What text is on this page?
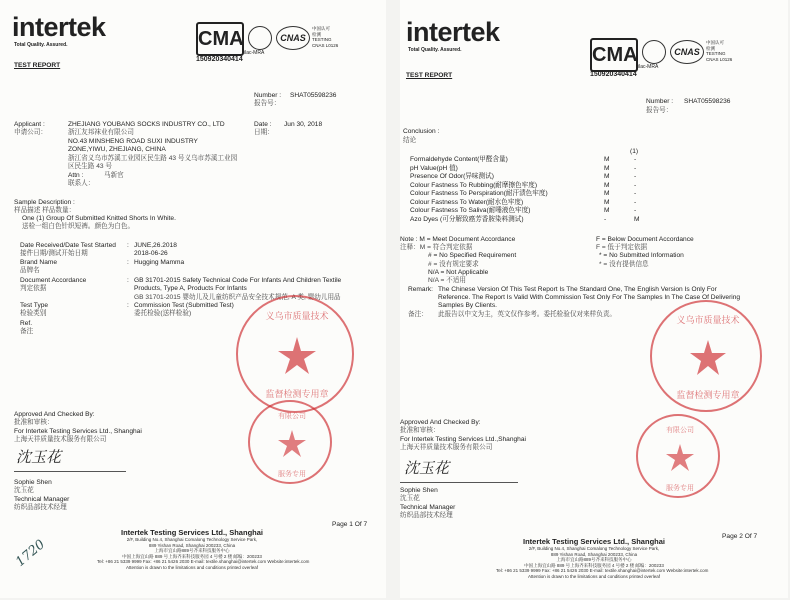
intertek
Total Quality. Assured.	CMA
150920340414
ilac-MRA
CNAS
中国认可
检测
TESTING
CNAS L0126
TEST REPORT
Number : SHAT05598236
报告号：
Applicant :
申请公司：
ZHEJIANG YOUBANG SOCKS INDUSTRY CO., LTD
浙江友邦袜业有限公司
NO.43 MINSHENG ROAD SUXI INDUSTRY
ZONE,YIWU, ZHEJIANG, CHINA
浙江省义乌市苏溪工业园区民生路 43 号义乌市苏溪工业园
区民生路 43 号
Attn :
联系人：
马新官
Date :
日期：
Jun 30, 2018
Sample Description :
样品描述 样品数量：
One (1) Group Of Submitted Knitted Shorts In White.
送检一组白色针织短裤。颜色为白色。
Date Received/Date Test Started
接件日期/测试开始日期
: JUNE,26.2018
2018-06-26
Brand Name
品牌名
: Hugging Mamma
Document Accordance
判定依据
: GB 31701-2015 Safety Technical Code For Infants And Children Textile
Products, Type A, Products For Infants
GB 31701-2015 婴幼儿及儿童纺织产品安全技术规范, A 类, 婴幼儿用品
Test Type
检验类别
: Commission Test (Submitted Test)
委托检验(送样检验)
Ref.
备注
义乌市质量技术
监督检测专用章
Approved And Checked By:
批准和审核：
For Intertek Testing Services Ltd., Shanghai
上海天祥质量技术服务有限公司
有限公司
服务专用
沈玉花
Sophie Shen
沈玉花
Technical Manager
纺织品部技术经理
Page 1 Of 7
1720
Intertek Testing Services Ltd., Shanghai
2/F, Building No.4, Shanghai Comalong Technology Service Park,
889 Yishan Road, Shanghai 200233, China
上海市宜山路889号齐来科技服务中心
中国上海宜山路 889 号上海齐来科技服务园 4 号楼 2 楼 邮编：200233
Tel: +86 21 5339 9999 Fax: +86 21 5426 2030 E-mail: textile.shanghai@intertek.com Website:intertek.com
Attention is drawn to the limitations and conditions printed overleaf
intertek
Total Quality. Assured.	CMA
150920340414
ilac-MRA
CNAS
中国认可
检测
TESTING
CNAS L0126
TEST REPORT
Number : SHAT05598236
报告号：
Conclusion :
结论
(1)
Formaldehyde Content(甲醛含量)	M	-
pH Value(pH 值)	M	-
Presence Of Odor(异味测试)	M	-
Colour Fastness To Rubbing(耐摩擦色牢度)	M	-
Colour Fastness To Perspiration(耐汗渍色牢度)	M	-
Colour Fastness To Water(耐水色牢度)	M	-
Colour Fastness To Saliva(耐唾液色牢度)	M	-
Azo Dyes (可分解致癌芳香胺染料测试)	-	M
Note : M = Meet Document Accordance
注释：M = 符合判定依据
# = No Specified Requirement
# = 没有规定要求
N/A = Not Applicable
N/A = 不适用
F = Below Document Accordance
F = 低于判定依据
* = No Submitted Information
* = 没有提供信息
Remark: The Chinese Version Of This Test Report Is The Standard One, The English Version Is Only For
Reference. The Report Is Valid With Commission Test Only For The Samples In The Case Of Delivering
Samples By Clients.
备注： 此报告以中文为主，英文仅作参考。委托检验仅对来样负责。
义乌市质量技术
监督检测专用章
Approved And Checked By:
批准和审核：
For Intertek Testing Services Ltd.,Shanghai
上海天祥质量技术服务有限公司
有限公司
服务专用
沈玉花
Sophie Shen
沈玉花
Technical Manager
纺织品部技术经理
Page 2 Of 7
Intertek Testing Services Ltd., Shanghai
2/F, Building No.4, Shanghai Comalong Technology Service Park,
889 Yishan Road, Shanghai 200233, China
上海市宜山路889号齐来科技服务中心
中国上海宜山路 889 号上海齐来科技服务园 4 号楼 2 楼 邮编：200233
Tel: +86 21 5339 9999 Fax: +86 21 5426 2030 E-mail: textile.shanghai@intertek.com Website:intertek.com
Attention is drawn to the limitations and conditions printed overleaf
